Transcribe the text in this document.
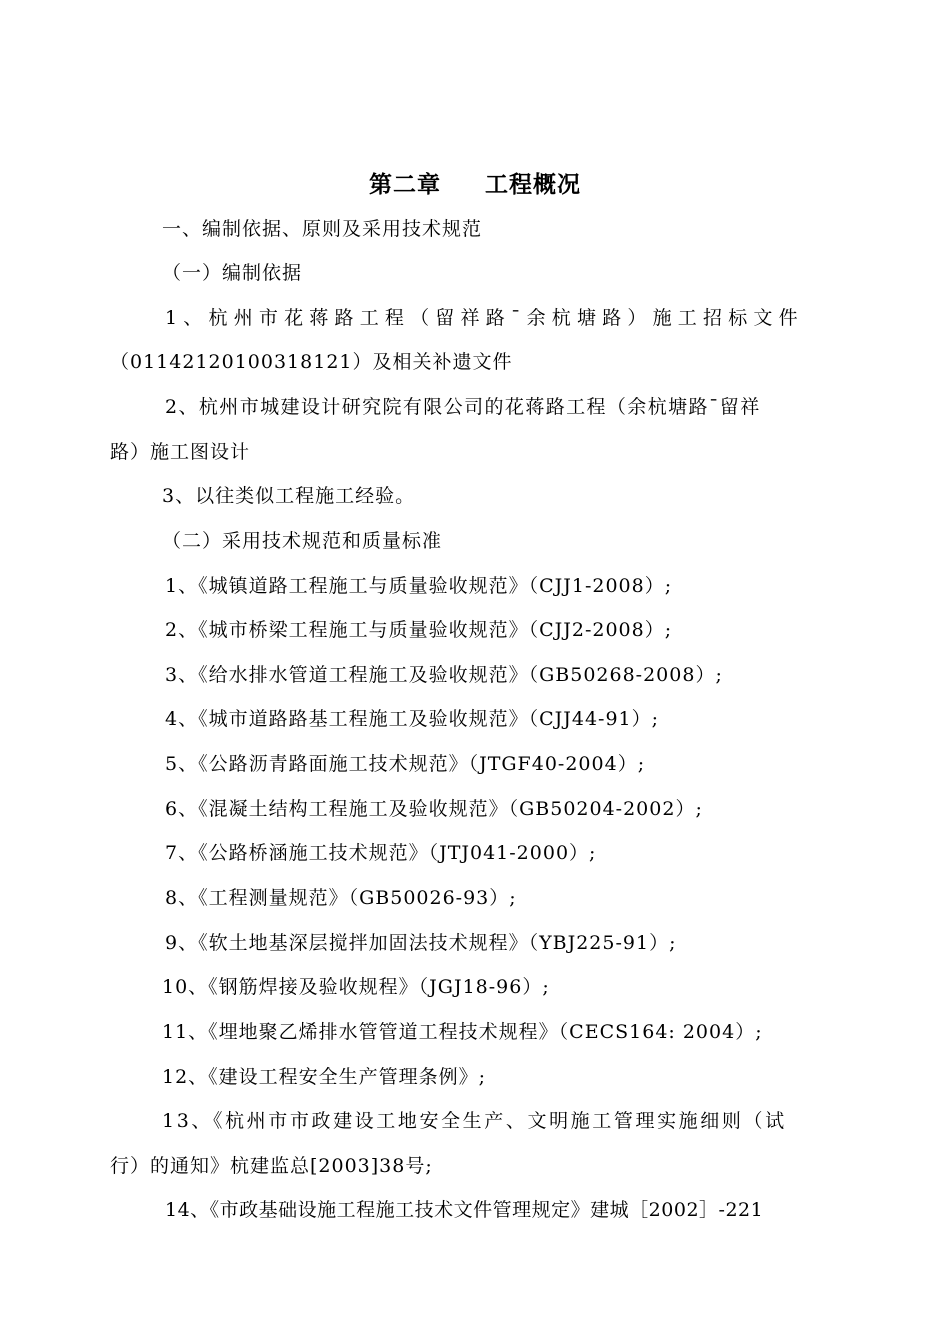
第二章 工程概况
一、编制依据、原则及采用技术规范
（一）编制依据
1、杭州市花蒋路工程（留祥路¯余杭塘路）施工招标文件
（01142120100318121）及相关补遗文件
2、杭州市城建设计研究院有限公司的花蒋路工程（余杭塘路¯留祥
路）施工图设计
3、以往类似工程施工经验。
（二）采用技术规范和质量标准
1、《城镇道路工程施工与质量验收规范》（CJJ1-2008）;
2、《城市桥梁工程施工与质量验收规范》（CJJ2-2008）;
3、《给水排水管道工程施工及验收规范》（GB50268-2008）;
4、《城市道路路基工程施工及验收规范》（CJJ44-91）;
5、《公路沥青路面施工技术规范》（JTGF40-2004）;
6、《混凝土结构工程施工及验收规范》（GB50204-2002）;
7、《公路桥涵施工技术规范》（JTJ041-2000）;
8、《工程测量规范》（GB50026-93）;
9、《软土地基深层搅拌加固法技术规程》（YBJ225-91）;
10、《钢筋焊接及验收规程》（JGJ18-96）;
11、《埋地聚乙烯排水管管道工程技术规程》（CECS164: 2004）;
12、《建设工程安全生产管理条例》;
13、《杭州市市政建设工地安全生产、文明施工管理实施细则（试
行）的通知》杭建监总[2003]38号;
14、《市政基础设施工程施工技术文件管理规定》建城［2002］-221
